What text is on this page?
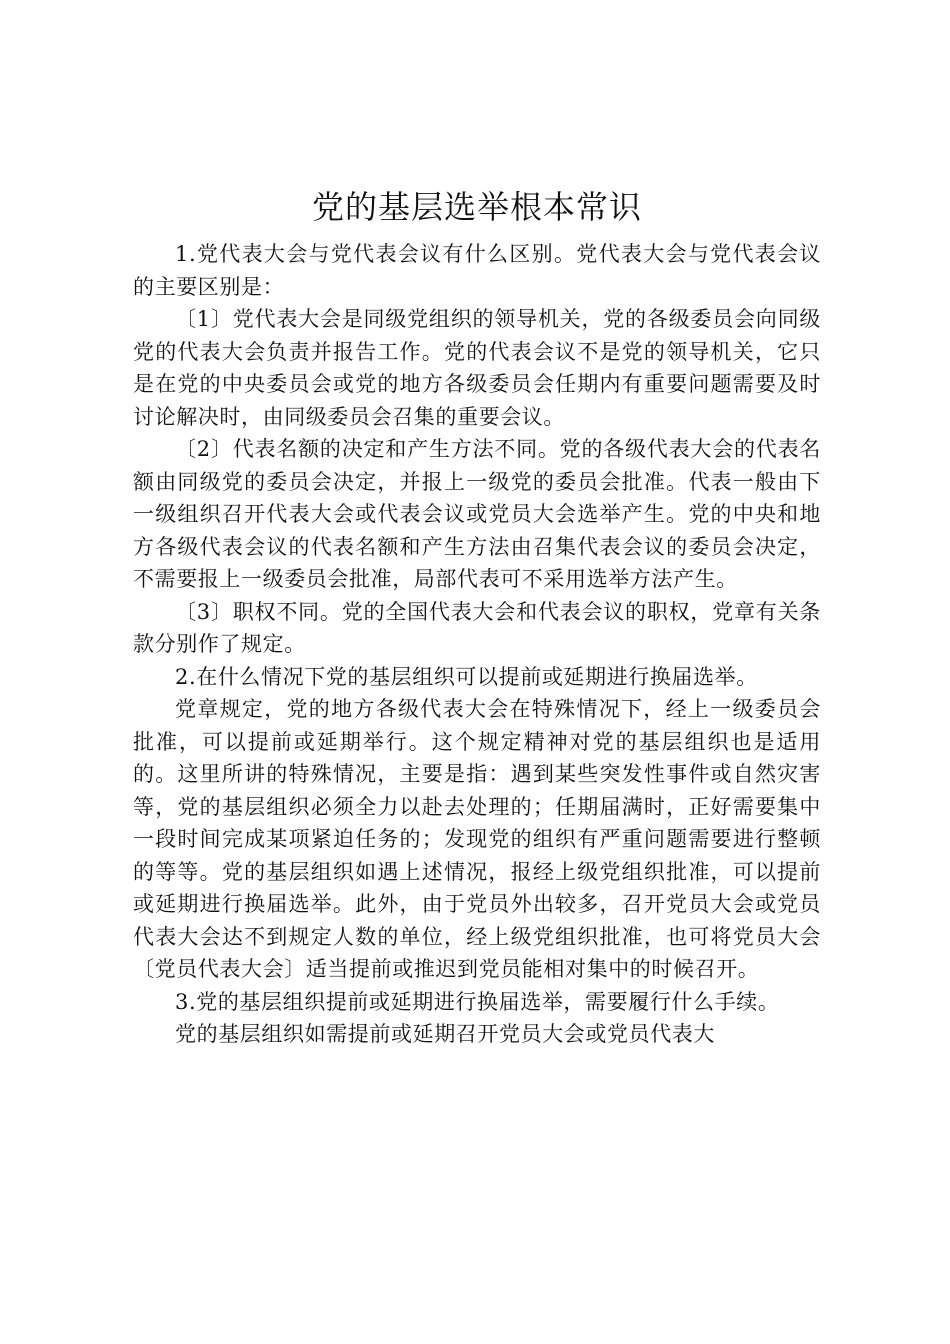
党的基层选举根本常识

1.党代表大会与党代表会议有什么区别。党代表大会与党代表会议的主要区别是：

〔1〕党代表大会是同级党组织的领导机关，党的各级委员会向同级党的代表大会负责并报告工作。党的代表会议不是党的领导机关，它只是在党的中央委员会或党的地方各级委员会任期内有重要问题需要及时讨论解决时，由同级委员会召集的重要会议。

〔2〕代表名额的决定和产生方法不同。党的各级代表大会的代表名额由同级党的委员会决定，并报上一级党的委员会批准。代表一般由下一级组织召开代表大会或代表会议或党员大会选举产生。党的中央和地方各级代表会议的代表名额和产生方法由召集代表会议的委员会决定，不需要报上一级委员会批准，局部代表可不采用选举方法产生。

〔3〕职权不同。党的全国代表大会和代表会议的职权，党章有关条款分别作了规定。

2.在什么情况下党的基层组织可以提前或延期进行换届选举。

党章规定，党的地方各级代表大会在特殊情况下，经上一级委员会批准，可以提前或延期举行。这个规定精神对党的基层组织也是适用的。这里所讲的特殊情况，主要是指：遇到某些突发性事件或自然灾害等，党的基层组织必须全力以赴去处理的；任期届满时，正好需要集中一段时间完成某项紧迫任务的；发现党的组织有严重问题需要进行整顿的等等。党的基层组织如遇上述情况，报经上级党组织批准，可以提前或延期进行换届选举。此外，由于党员外出较多，召开党员大会或党员代表大会达不到规定人数的单位，经上级党组织批准，也可将党员大会〔党员代表大会〕适当提前或推迟到党员能相对集中的时候召开。

3.党的基层组织提前或延期进行换届选举，需要履行什么手续。

党的基层组织如需提前或延期召开党员大会或党员代表大
